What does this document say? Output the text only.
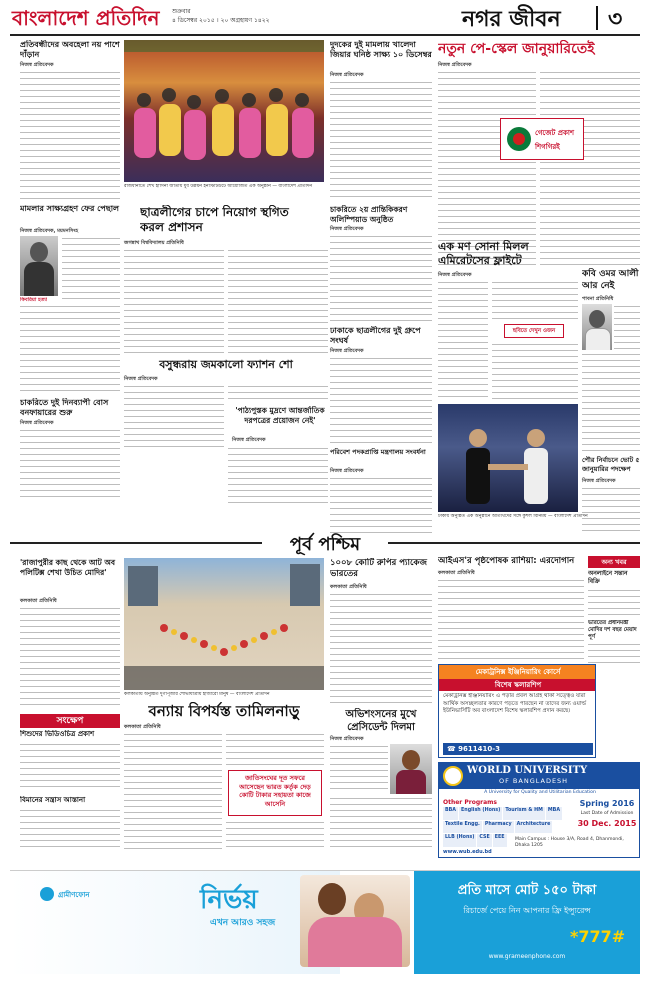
বাংলাদেশ প্রতিদিন শুক্রবার
৪ ডিসেম্বর ২০১৫ । ২০ অগ্রহায়ণ ১৪২২	নগর জীবন ৩
প্রতিবন্ধীদের অবহেলা নয় পাশে দাঁড়ান
নিজস্ব প্রতিবেদক
মামলার সাক্ষ্যগ্রহণ ফের পেছাল
নিজস্ব প্রতিবেদক, ময়মনসিংহ
কিবরিয়া হত্যা
চাকরিতে দুই দিনব্যাপী বোস বনফায়ারের শুরু
নিজস্ব প্রতিবেদক
রাজধানীতে শেখ হাসিনা জাতীয় যুব উন্নয়ন ইনস্টিটিউটে আয়োজিত এক অনুষ্ঠান — বাংলাদেশ প্রতিদিন
দুদকের দুই মামলায় খালেদা জিয়ার ঘনিষ্ঠ সাক্ষ্য ১০ ডিসেম্বর
নিজস্ব প্রতিবেদক
ছাত্রলীগের চাপে নিয়োগ স্থগিত করল প্রশাসন
জগন্নাথ বিশ্ববিদ্যালয় প্রতিনিধি
চাকরিতে ২য় প্রান্তিকিকরণ অলিম্পিয়াড অনুষ্ঠিত
নিজস্ব প্রতিবেদক
ঢাকাকে ছাত্রলীগের দুই গ্রুপে সংঘর্ষ
নিজস্ব প্রতিবেদক
বসুন্ধরায় জমকালো ফ্যাশন শো
নিজস্ব প্রতিবেদক
'পাঠ্যপুস্তক মুদ্রণে আন্তর্জাতিক দরপত্রের প্রয়োজন নেই'
নিজস্ব প্রতিবেদক
নতুন পে-স্কেল জানুয়ারিতেই
নিজস্ব প্রতিবেদক
গেজেট প্রকাশ
শিগগিরই
এক মণ সোনা মিলল এমিরেটসের ফ্লাইটে
নিজস্ব প্রতিবেদক
ছবিতে দেখুন ওজন
কবি ওমর আলী আর নেই
পাবনা প্রতিনিধি
পৌর নির্বাচনে ভোট ৫ জানুয়ারির পদক্ষেপ
নিজস্ব প্রতিবেদক
পরিবেশ পদকপ্রাপ্তি মন্ত্রণালয় সংবর্ধনা
নিজস্ব প্রতিবেদক
ঢাকায় অনুষ্ঠিত এক অনুষ্ঠানে অতিথিদের সঙ্গে কুশল বিনিময় — বাংলাদেশ প্রতিদিন
পূর্ব পশ্চিম
'রাজাপুরীর কাছ থেকে আট অব পলিটিক্স শেখা উচিত মোদির'
কলকাতা প্রতিনিধি
কলকাতায় অনুষ্ঠিত দুর্গাপূজার শোভাযাত্রায় হাজারো মানুষ — বাংলাদেশ প্রতিদিন
বন্যায় বিপর্যস্ত তামিলনাড়ু
কলকাতা প্রতিনিধি
জাতিসংঘের দূত সফরে আসেছেন ভারত কর্তৃক দেড় কোটি টাকার সহায়তা কাজে আসেনি
১০০৮ কোটি রুপির প্যাকেজ ভারতের
কলকাতা প্রতিনিধি
আইএস'র পৃষ্ঠপোষক রাশিয়া: এরদোগান
কলকাতা প্রতিনিধি
অভিশংসনের মুখে প্রেসিডেন্ট দিলমা
নিজস্ব প্রতিবেদক
সংক্ষেপ
শিশুদের ভিডিওচিত্র প্রকাশ
বিমানের সন্ত্রাস আস্তানা
অন্য খবর
অনলাইনে সন্তান বিক্রি
ভারতের প্রধানমন্ত্রী মোদির দশ বছর মেয়াদ পূর্ণ
মেকাট্রনিক্স ইঞ্জিনিয়ারিং কোর্সে
বিশেষ স্কলারশিপ
মেকাট্রনিক্স ইঞ্জিনিয়ারিং এ পড়ার প্রবল আগ্রহ থাকা সত্ত্বেও যারা আর্থিক অসচ্ছলতার কারণে পড়তে পারছেন না তাদের জন্য ওয়ার্ল্ড ইউনিভার্সিটি অব বাংলাদেশ বিশেষ স্কলারশিপ প্রদান করছে।
☎ 9611410-3
WORLD UNIVERSITY
OF BANGLADESH
A University for Quality and Utilitarian Education
Other Programs
BBA	English (Hons)	Tourism & HM	MBA
Textile Engg.	Pharmacy	Architecture
LLB (Hons)	CSE	EEE
Spring 2016
Last Date of Admission
30 Dec. 2015
www.wub.edu.bd
Main Campus : House 3/A, Road 4, Dhanmondi, Dhaka 1205
নির্ভয়
এখন আরও সহজ
প্রতি মাসে মোট ১৫০ টাকা
রিচার্জে পেয়ে নিন আপনার ফ্রি ইন্স্যুরেন্স
*777#
গ্রামীণফোন
www.grameenphone.com
